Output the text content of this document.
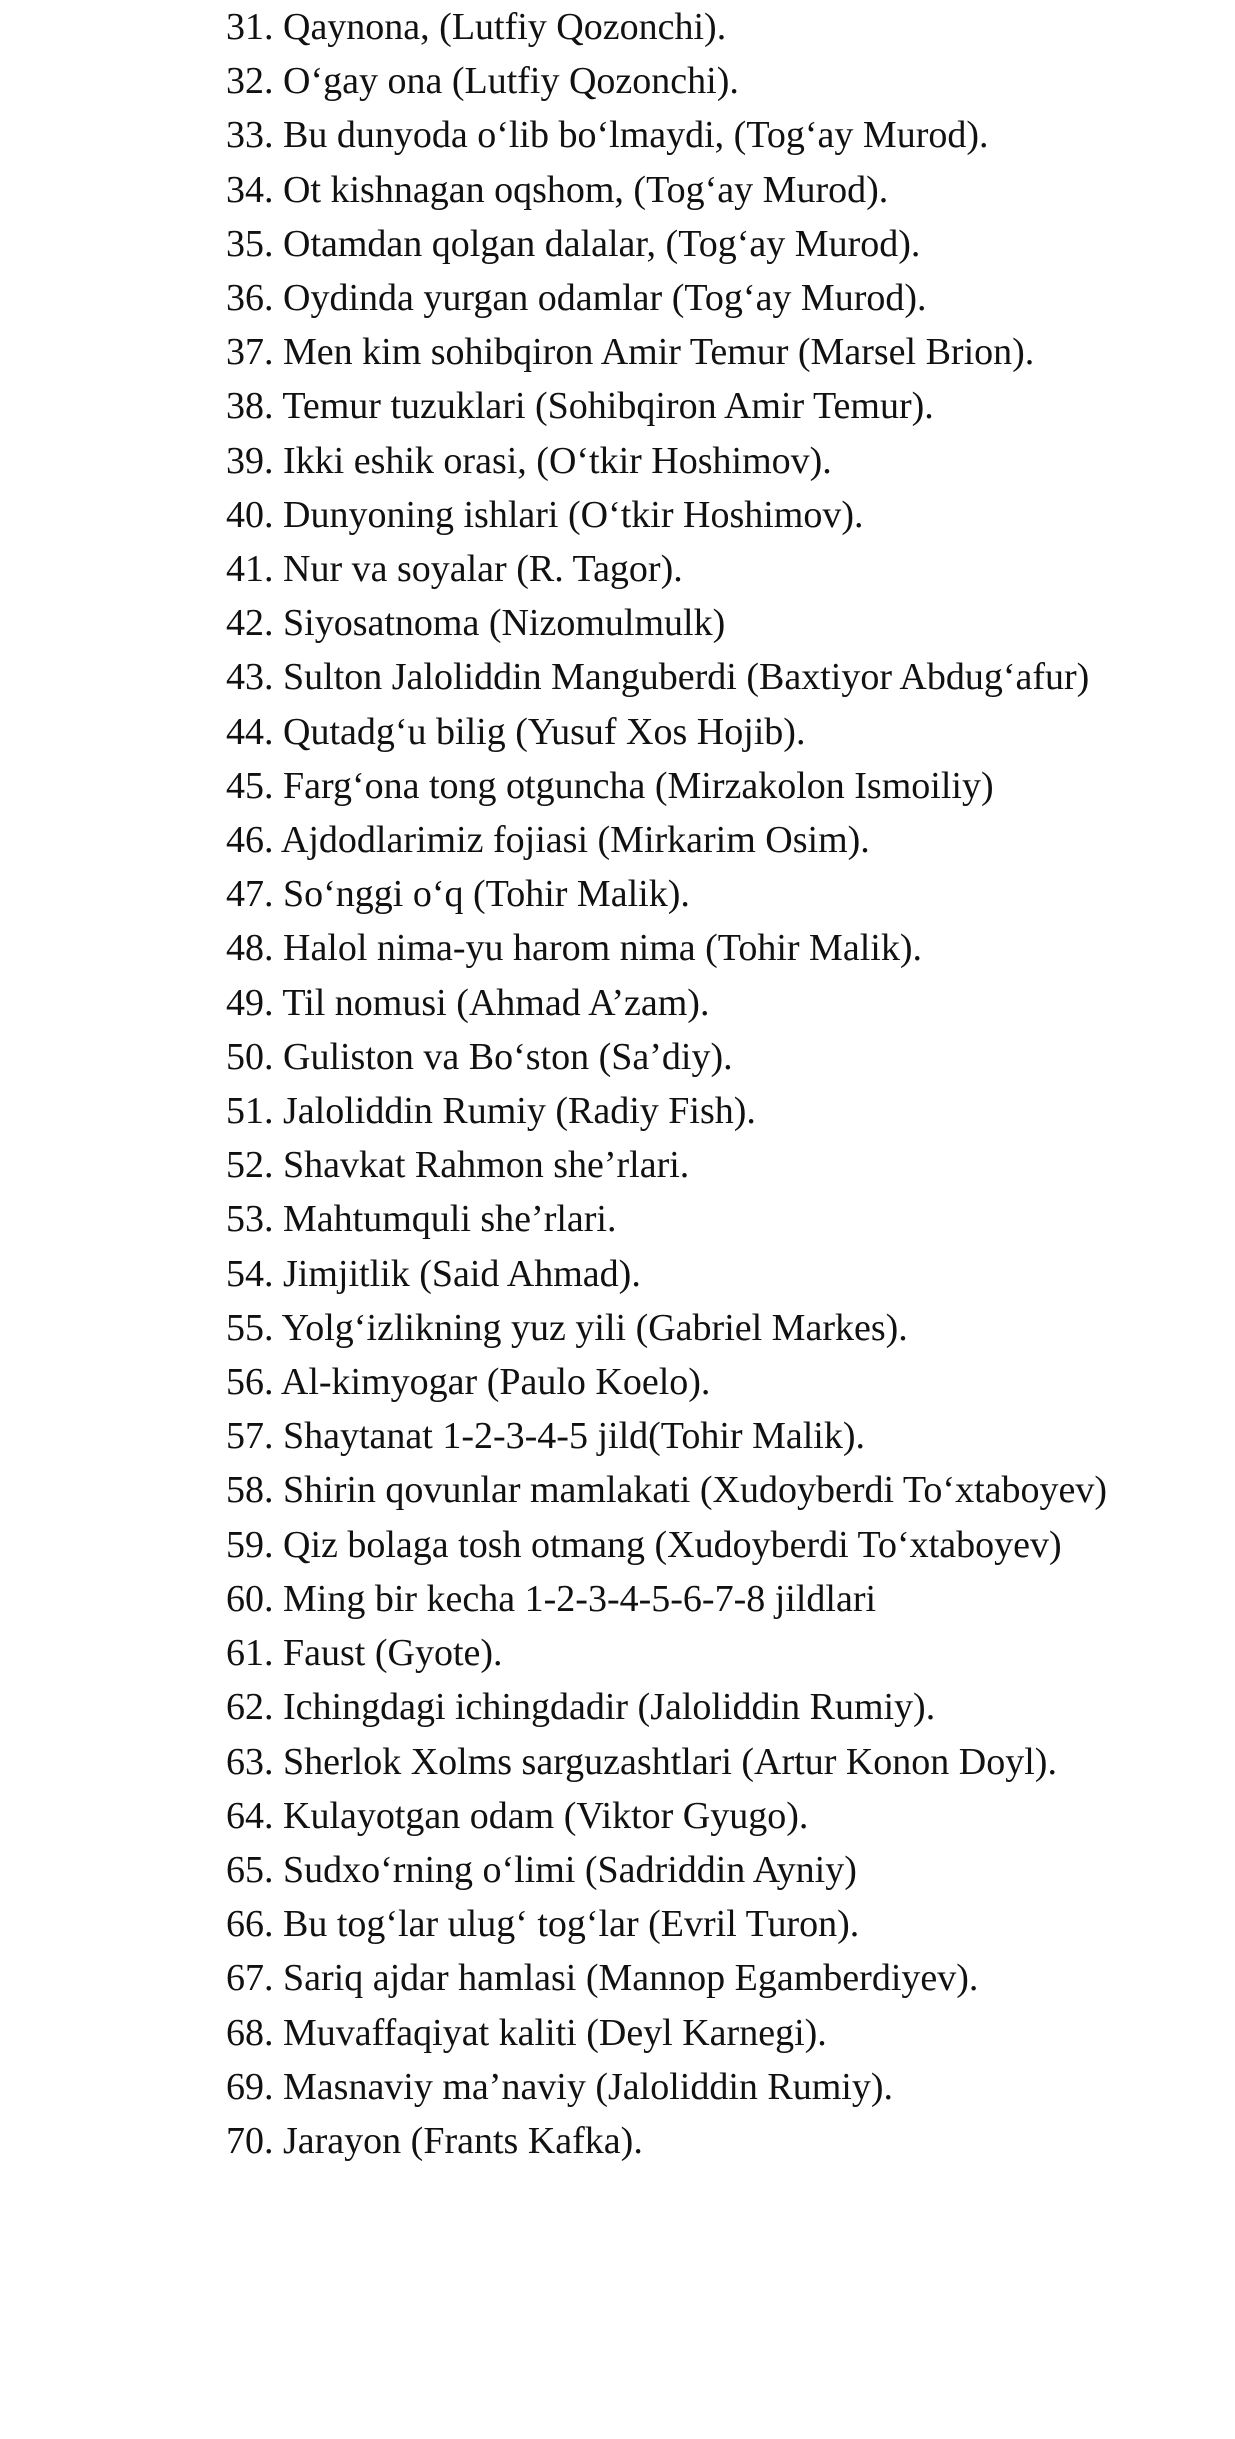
31. Qaynona, (Lutfiy Qozonchi).

32. O‘gay ona (Lutfiy Qozonchi).

33. Bu dunyoda o‘lib bo‘lmaydi, (Tog‘ay Murod).

34. Ot kishnagan oqshom, (Tog‘ay Murod).

35. Otamdan qolgan dalalar, (Tog‘ay Murod).

36. Oydinda yurgan odamlar (Tog‘ay Murod).

37. Men kim sohibqiron Amir Temur (Marsel Brion).

38. Temur tuzuklari (Sohibqiron Amir Temur).

39. Ikki eshik orasi, (O‘tkir Hoshimov).

40. Dunyoning ishlari (O‘tkir Hoshimov).

41. Nur va soyalar (R. Tagor).

42. Siyosatnoma (Nizomulmulk)

43. Sulton Jaloliddin Manguberdi (Baxtiyor Abdug‘afur)

44. Qutadg‘u bilig (Yusuf Xos Hojib).

45. Farg‘ona tong otguncha (Mirzakolon Ismoiliy)

46. Ajdodlarimiz fojiasi (Mirkarim Osim).

47. So‘nggi o‘q (Tohir Malik).

48. Halol nima-yu harom nima (Tohir Malik).

49. Til nomusi (Ahmad A’zam).

50. Guliston va Bo‘ston (Sa’diy).

51. Jaloliddin Rumiy (Radiy Fish).

52. Shavkat Rahmon she’rlari.

53. Mahtumquli she’rlari.

54. Jimjitlik (Said Ahmad).

55. Yolg‘izlikning yuz yili (Gabriel Markes).

56. Al-kimyogar (Paulo Koelo).

57. Shaytanat 1-2-3-4-5 jild(Tohir Malik).

58. Shirin qovunlar mamlakati (Xudoyberdi To‘xtaboyev)

59. Qiz bolaga tosh otmang (Xudoyberdi To‘xtaboyev)

60. Ming bir kecha 1-2-3-4-5-6-7-8 jildlari

61. Faust (Gyote).

62. Ichingdagi ichingdadir (Jaloliddin Rumiy).

63. Sherlok Xolms sarguzashtlari (Artur Konon Doyl).

64. Kulayotgan odam (Viktor Gyugo).

65. Sudxo‘rning o‘limi (Sadriddin Ayniy)

66. Bu tog‘lar ulug‘ tog‘lar (Evril Turon).

67. Sariq ajdar hamlasi (Mannop Egamberdiyev).

68. Muvaffaqiyat kaliti (Deyl Karnegi).

69. Masnaviy ma’naviy (Jaloliddin Rumiy).

70. Jarayon (Frants Kafka).
